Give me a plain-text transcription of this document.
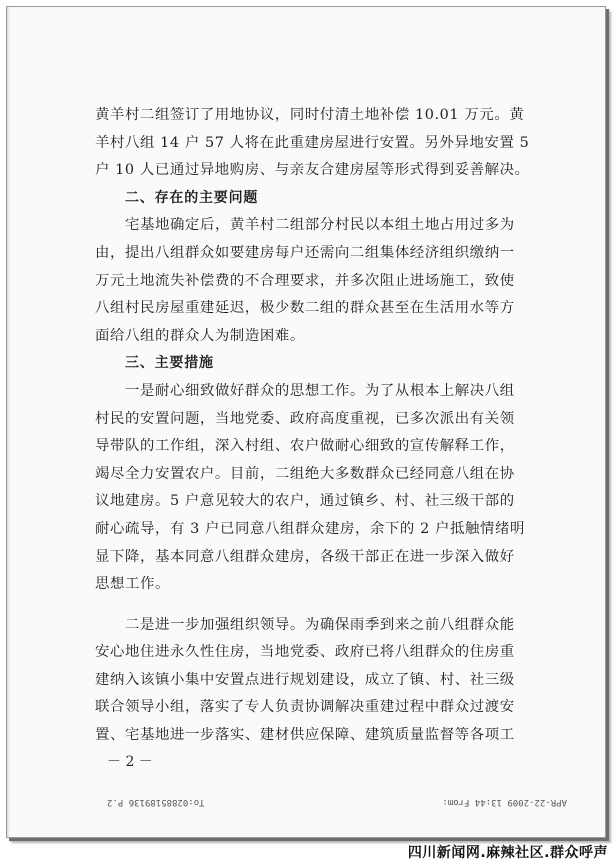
黄羊村二组签订了用地协议，同时付清土地补偿 10.01 万元。黄
羊村八组 14 户 57 人将在此重建房屋进行安置。另外异地安置 5
户 10 人已通过异地购房、与亲友合建房屋等形式得到妥善解决。
二、存在的主要问题
宅基地确定后，黄羊村二组部分村民以本组土地占用过多为
由，提出八组群众如要建房每户还需向二组集体经济组织缴纳一
万元土地流失补偿费的不合理要求，并多次阻止进场施工，致使
八组村民房屋重建延迟，极少数二组的群众甚至在生活用水等方
面给八组的群众人为制造困难。
三、主要措施
一是耐心细致做好群众的思想工作。为了从根本上解决八组
村民的安置问题，当地党委、政府高度重视，已多次派出有关领
导带队的工作组，深入村组、农户做耐心细致的宣传解释工作，
竭尽全力安置农户。目前，二组绝大多数群众已经同意八组在协
议地建房。5 户意见较大的农户，通过镇乡、村、社三级干部的
耐心疏导，有 3 户已同意八组群众建房，余下的 2 户抵触情绪明
显下降，基本同意八组群众建房，各级干部正在进一步深入做好
思想工作。
二是进一步加强组织领导。为确保雨季到来之前八组群众能
安心地住进永久性住房，当地党委、政府已将八组群众的住房重
建纳入该镇小集中安置点进行规划建设，成立了镇、村、社三级
联合领导小组，落实了专人负责协调解决重建过程中群众过渡安
置、宅基地进一步落实、建材供应保障、建筑质量监督等各项工
－ 2 －
APR-22-2009 13:44 From:
To:02885189136 P.2
四川新闻网.麻辣社区.群众呼声
